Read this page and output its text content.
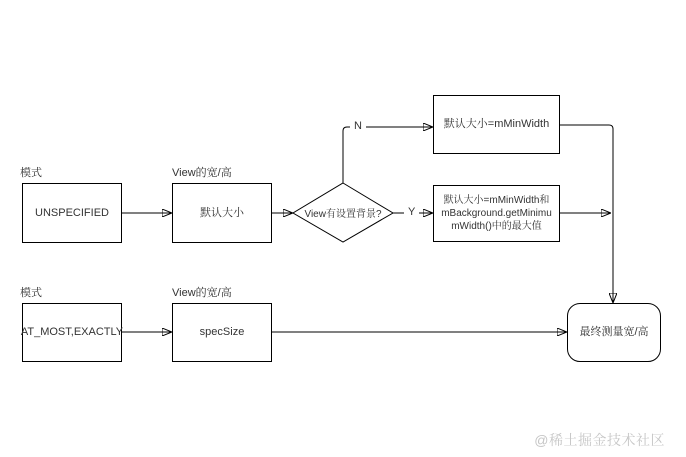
模式	View的宽/高
UNSPECIFIED	默认大小	View有设置背景?
N
Y
默认大小=mMinWidth
默认大小=mMinWidth和mBackground.getMinimumWidth()中的最大值
模式	View的宽/高
AT_MOST,EXACTLY	specSize	最终测量宽/高
@稀土掘金技术社区
